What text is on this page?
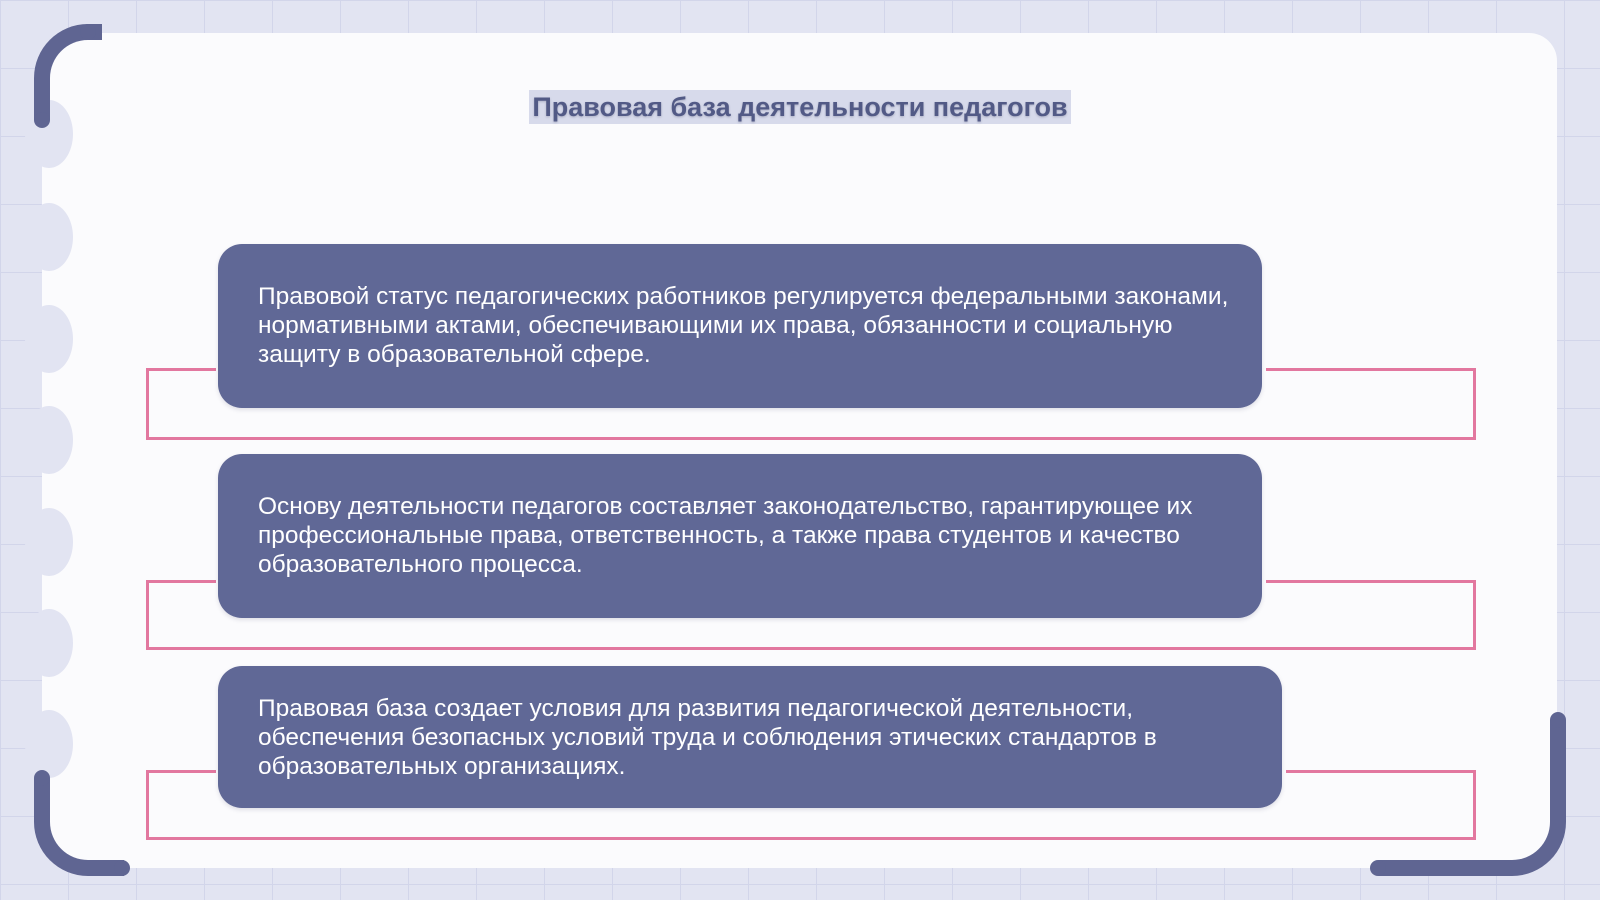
Правовая база деятельности педагогов

Правовой статус педагогических работников регулируется федеральными законами, нормативными актами, обеспечивающими их права, обязанности и социальную защиту в образовательной сфере.

Основу деятельности педагогов составляет законодательство, гарантирующее их профессиональные права, ответственность, а также права студентов и качество образовательного процесса.

Правовая база создает условия для развития педагогической деятельности, обеспечения безопасных условий труда и соблюдения этических стандартов в образовательных организациях.
